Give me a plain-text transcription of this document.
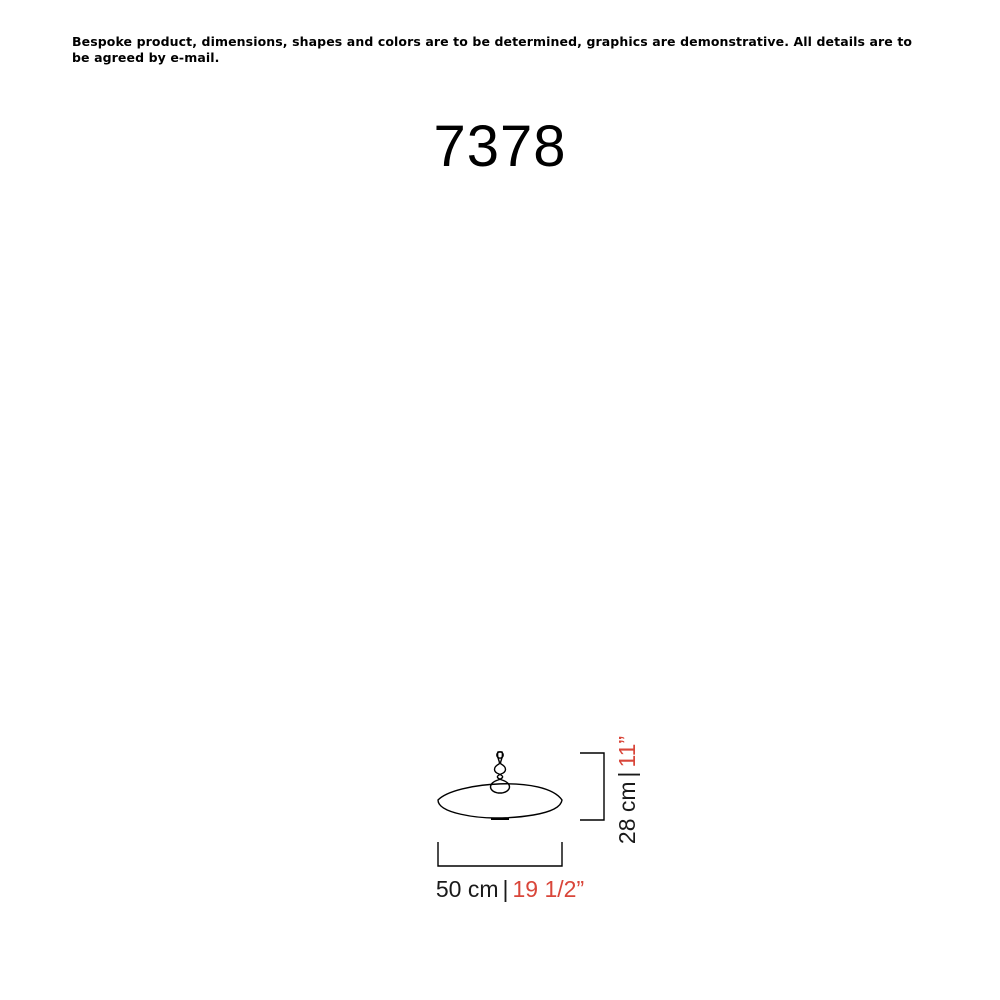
Bespoke product, dimensions, shapes and colors are to be determined, graphics are demonstrative. All details are to be agreed by e-mail.
7378
50 cm | 19 1/2”
28 cm|11”
